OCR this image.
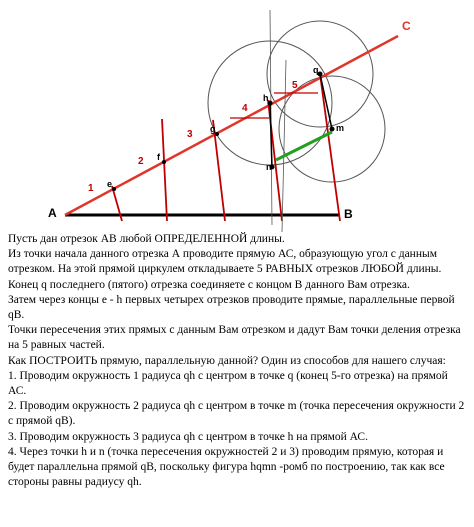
A	B
C
e
f
g
h
q
m
n
1
2
3
4
5

Пусть дан отрезок АВ любой ОПРЕДЕЛЕННОЙ длины.

Из точки начала данного отрезка А проводите прямую АС, образующую угол с данным отрезком. На этой прямой циркулем откладываете 5 РАВНЫХ отрезков ЛЮБОЙ длины. Конец q последнего (пятого) отрезка соединяете с концом В данного Вам отрезка.

Затем через концы е - h первых четырех отрезков проводите прямые, параллельные первой qB.

Точки пересечения этих прямых с данным Вам отрезком и дадут Вам точки деления отрезка на 5 равных частей.

Как ПОСТРОИТЬ прямую, параллельную данной? Один из способов для нашего случая:

1. Проводим окружность 1 радиуса qh с центром в точке q (конец 5-го отрезка) на прямой АС.

2. Проводим окружность 2 радиуса qh с центром в точке m (точка пересечения окружности 2 с прямой qB).

3. Проводим окружность 3 радиуса qh с центром в точке h на прямой АС.

4. Через точки h и n (точка пересечения окружностей 2 и 3) проводим прямую, которая и будет параллельна прямой qB, поскольку фигура hqmn -ромб по построению, так как все стороны равны радиусу qh.
